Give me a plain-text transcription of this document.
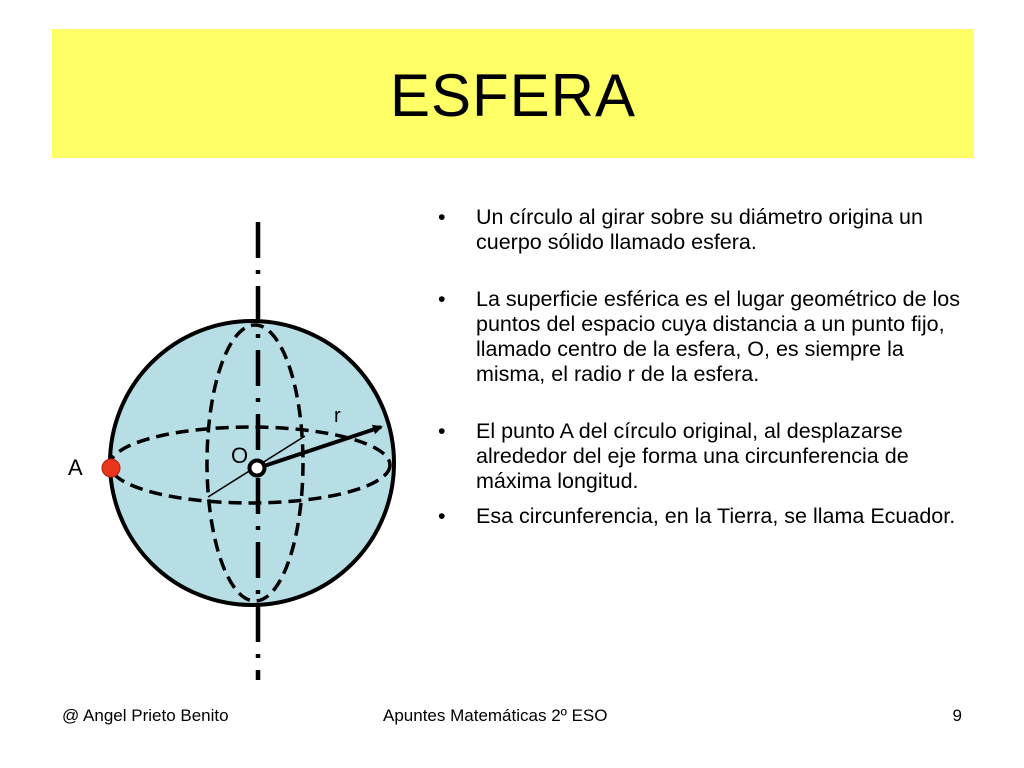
ESFERA
A	O
r
• Un círculo al girar sobre su diámetro origina un cuerpo sólido llamado esfera.
• La superficie esférica es el lugar geométrico de los puntos del espacio cuya distancia a un punto fijo, llamado centro de la esfera, O, es siempre la misma, el radio r de la esfera.
• El punto A del círculo original, al desplazarse alrededor del eje forma una circunferencia de máxima longitud.
• Esa circunferencia, en la Tierra, se llama Ecuador.
@ Angel Prieto Benito	Apuntes Matemáticas 2º ESO	9
